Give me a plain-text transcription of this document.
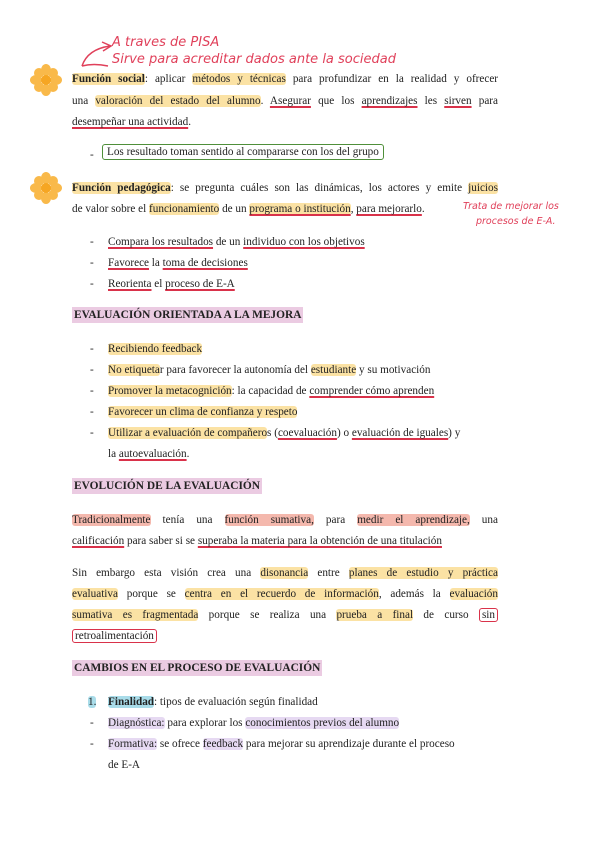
A traves de PISA
Sirve para acreditar dados ante la sociedad
Función social: aplicar métodos y técnicas para profundizar en la realidad y ofrecer
una valoración del estado del alumno. Asegurar que los aprendizajes les sirven para
desempeñar una actividad.
-	Los resultado toman sentido al compararse con los del grupo
Función pedagógica: se pregunta cuáles son las dinámicas, los actores y emite juicios
de valor sobre el funcionamiento de un programa o institución, para mejorarlo.	Trata de mejorar los
procesos de E-A.
- Compara los resultados de un individuo con los objetivos
- Favorece la toma de decisiones
- Reorienta el proceso de E-A
EVALUACIÓN ORIENTADA A LA MEJORA
- Recibiendo feedback
- No etiquetar para favorecer la autonomía del estudiante y su motivación
- Promover la metacognición: la capacidad de comprender cómo aprenden
- Favorecer un clima de confianza y respeto
- Utilizar a evaluación de compañeros (coevaluación) o evaluación de iguales) y
la autoevaluación.
EVOLUCIÓN DE LA EVALUACIÓN
Tradicionalmente tenía una función sumativa, para medir el aprendizaje, una
calificación para saber si se superaba la materia para la obtención de una titulación
Sin embargo esta visión crea una disonancia entre planes de estudio y práctica
evaluativa porque se centra en el recuerdo de información, además la evaluación
sumativa es fragmentada porque se realiza una prueba a final de curso sin
retroalimentación
CAMBIOS EN EL PROCESO DE EVALUACIÓN
1. Finalidad: tipos de evaluación según finalidad
- Diagnóstica: para explorar los conocimientos previos del alumno
- Formativa: se ofrece feedback para mejorar su aprendizaje durante el proceso
de E-A
